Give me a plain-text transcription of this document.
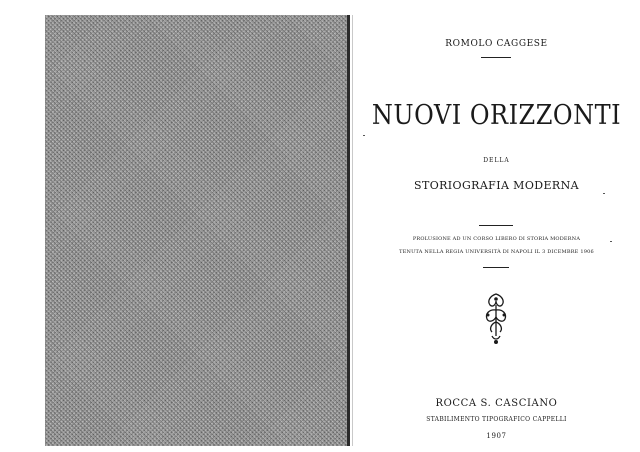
ROMOLO CAGGESE
NUOVI ORIZZONTI
DELLA
STORIOGRAFIA MODERNA
PROLUSIONE AD UN CORSO LIBERO DI STORIA MODERNA
TENUTA NELLA REGIA UNIVERSITÀ DI NAPOLI IL 3 DICEMBRE 1906
ROCCA S. CASCIANO
STABILIMENTO TIPOGRAFICO CAPPELLI
1907
